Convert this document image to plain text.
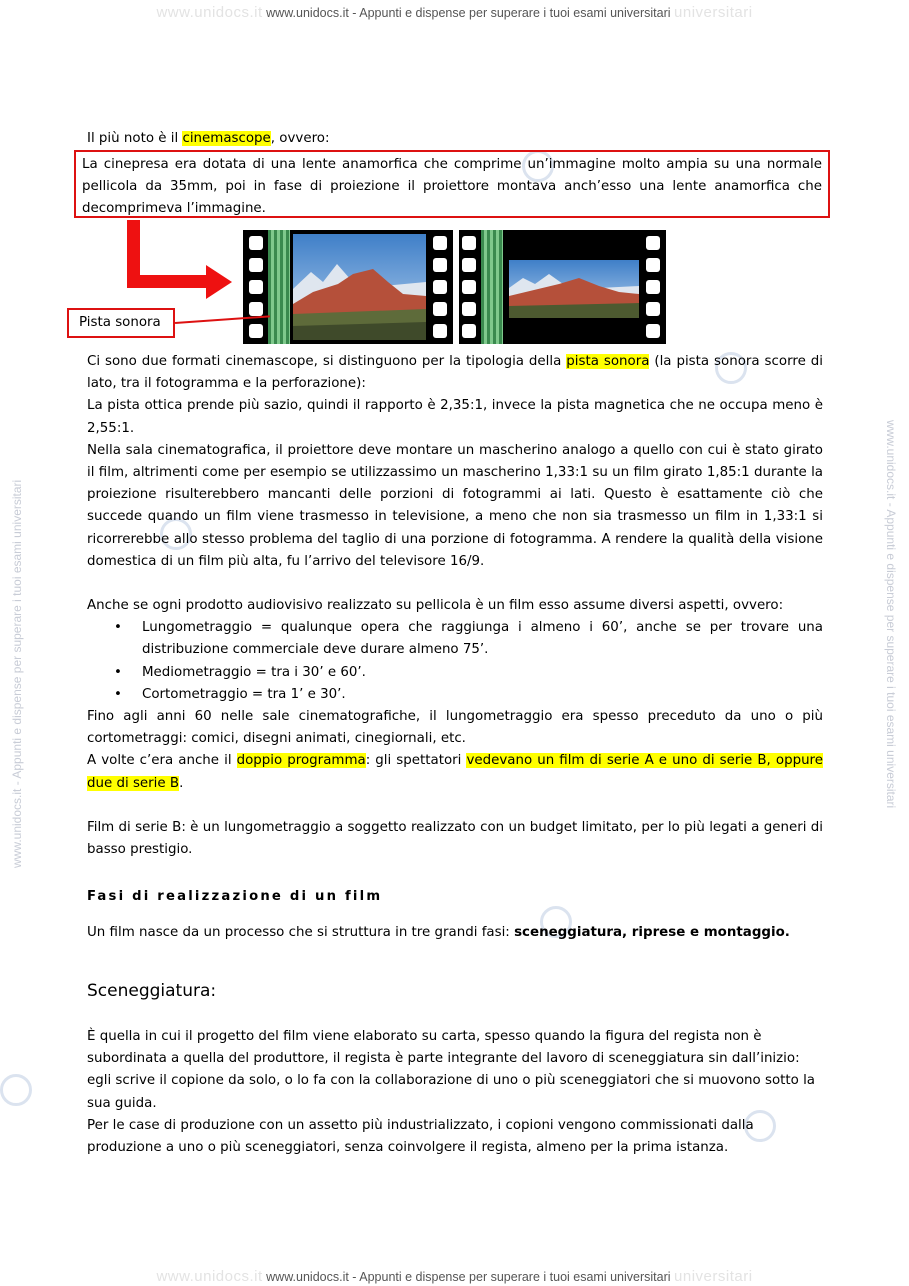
www.unidocs.it www.unidocs.it - Appunti e dispense per superare i tuoi esami universitari universitari
www.unidocs.it www.unidocs.it - Appunti e dispense per superare i tuoi esami universitari universitari
www.unidocs.it - Appunti e dispense per superare i tuoi esami universitari	www.unidocs.it - Appunti e dispense per superare i tuoi esami universitari

Il più noto è il cinemascope, ovvero:

La cinepresa era dotata di una lente anamorfica che comprime un’immagine molto ampia su una normale pellicola da 35mm, poi in fase di proiezione il proiettore montava anch’esso una lente anamorfica che decomprimeva l’immagine.
Pista sonora

Ci sono due formati cinemascope, si distinguono per la tipologia della pista sonora (la pista sonora scorre di lato, tra il fotogramma e la perforazione):

La pista ottica prende più sazio, quindi il rapporto è 2,35:1, invece la pista magnetica che ne occupa meno è 2,55:1.

Nella sala cinematografica, il proiettore deve montare un mascherino analogo a quello con cui è stato girato il film, altrimenti come per esempio se utilizzassimo un mascherino 1,33:1 su un film girato 1,85:1 durante la proiezione risulterebbero mancanti delle porzioni di fotogrammi ai lati. Questo è esattamente ciò che succede quando un film viene trasmesso in televisione, a meno che non sia trasmesso un film in 1,33:1 si ricorrerebbe allo stesso problema del taglio di una porzione di fotogramma. A rendere la qualità della visione domestica di un film più alta, fu l’arrivo del televisore 16/9.

Anche se ogni prodotto audiovisivo realizzato su pellicola è un film esso assume diversi aspetti, ovvero:

• Lungometraggio = qualunque opera che raggiunga i almeno i 60’, anche se per trovare una distribuzione commerciale deve durare almeno 75’.
• Mediometraggio = tra i 30’ e 60’.
• Cortometraggio = tra 1’ e 30’.

Fino agli anni 60 nelle sale cinematografiche, il lungometraggio era spesso preceduto da uno o più cortometraggi: comici, disegni animati, cinegiornali, etc.

A volte c’era anche il doppio programma: gli spettatori vedevano un film di serie A e uno di serie B, oppure due di serie B.

Film di serie B: è un lungometraggio a soggetto realizzato con un budget limitato, per lo più legati a generi di basso prestigio.

Fasi di realizzazione di un film

Un film nasce da un processo che si struttura in tre grandi fasi: sceneggiatura, riprese e montaggio.

Sceneggiatura:

È quella in cui il progetto del film viene elaborato su carta, spesso quando la figura del regista non è subordinata a quella del produttore, il regista è parte integrante del lavoro di sceneggiatura sin dall’inizio: egli scrive il copione da solo, o lo fa con la collaborazione di uno o più sceneggiatori che si muovono sotto la sua guida.

Per le case di produzione con un assetto più industrializzato, i copioni vengono commissionati dalla produzione a uno o più sceneggiatori, senza coinvolgere il regista, almeno per la prima istanza.
